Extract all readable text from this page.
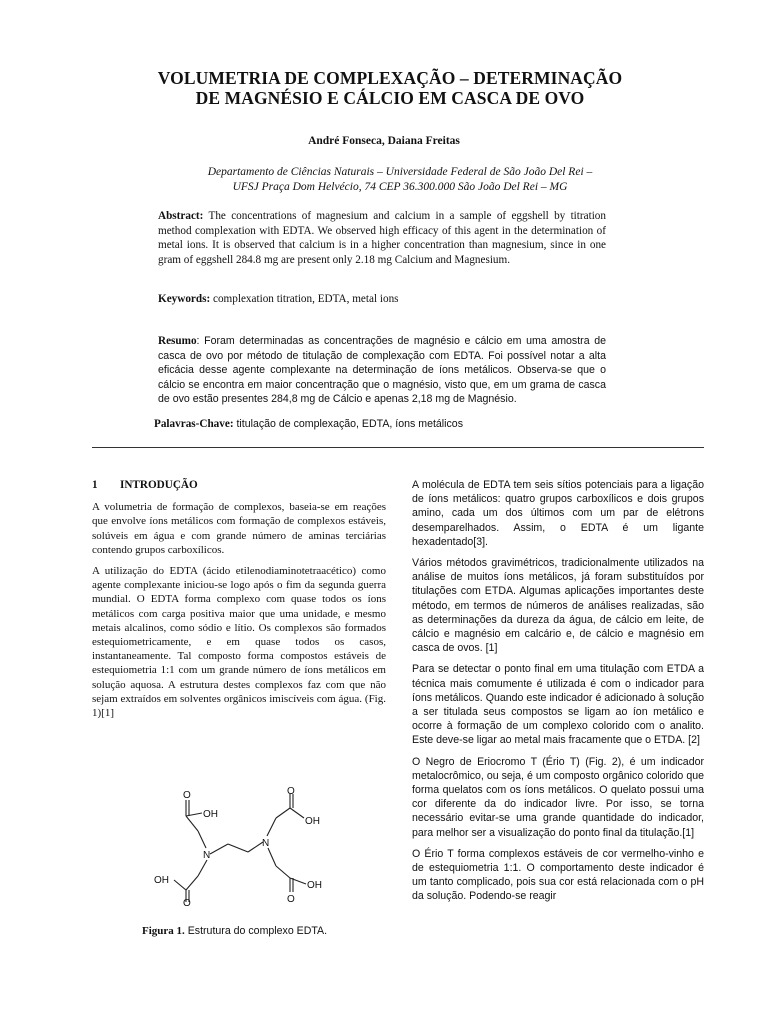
VOLUMETRIA DE COMPLEXAÇÃO – DETERMINAÇÃO
DE MAGNÉSIO E CÁLCIO EM CASCA DE OVO
André Fonseca, Daiana Freitas
Departamento de Ciências Naturais – Universidade Federal de São João Del Rei –
UFSJ Praça Dom Helvécio, 74 CEP 36.300.000 São João Del Rei – MG
Abstract: The concentrations of magnesium and calcium in a sample of eggshell by titration method complexation with EDTA. We observed high efficacy of this agent in the determination of metal ions. It is observed that calcium is in a higher concentration than magnesium, since in one gram of eggshell 284.8 mg are present only 2.18 mg Calcium and Magnesium.
Keywords: complexation titration, EDTA, metal ions
Resumo: Foram determinadas as concentrações de magnésio e cálcio em uma amostra de casca de ovo por método de titulação de complexação com EDTA. Foi possível notar a alta eficácia desse agente complexante na determinação de íons metálicos. Observa-se que o cálcio se encontra em maior concentração que o magnésio, visto que, em um grama de casca de ovo estão presentes 284,8 mg de Cálcio e apenas 2,18 mg de Magnésio.
Palavras-Chave: titulação de complexação, EDTA, íons metálicos
1 INTRODUÇÃO

A volumetria de formação de complexos, baseia-se em reações que envolve íons metálicos com formação de complexos estáveis, solúveis em água e com grande número de aminas terciárias contendo grupos carboxílicos.

A utilização do EDTA (ácido etilenodiaminotetraacético) como agente complexante iniciou-se logo após o fim da segunda guerra mundial. O EDTA forma complexo com quase todos os íons metálicos com carga positiva maior que uma unidade, e mesmo metais alcalinos, como sódio e lítio. Os complexos são formados estequiometricamente, e em quase todos os casos, instantaneamente. Tal composto forma compostos estáveis de estequiometria 1:1 com um grande número de íons metálicos em solução aquosa. A estrutura destes complexos faz com que não sejam extraídos em solventes orgânicos imiscíveis com água. (Fig. 1)[1]

OH
O
N
OH
O
N
O
OH
O
OH
Figura 1. Estrutura do complexo EDTA.

A molécula de EDTA tem seis sítios potenciais para a ligação de íons metálicos: quatro grupos carboxílicos e dois grupos amino, cada um dos últimos com um par de elétrons desemparelhados. Assim, o EDTA é um ligante hexadentado[3].

Vários métodos gravimétricos, tradicionalmente utilizados na análise de muitos íons metálicos, já foram substituídos por titulações com ETDA. Algumas aplicações importantes deste método, em termos de números de análises realizadas, são as determinações da dureza da água, de cálcio em leite, de cálcio e magnésio em calcário e, de cálcio e magnésio em casca de ovos. [1]

Para se detectar o ponto final em uma titulação com ETDA a técnica mais comumente é utilizada é com o indicador para íons metálicos. Quando este indicador é adicionado à solução a ser titulada seus compostos se ligam ao íon metálico e ocorre à formação de um complexo colorido com o analito. Este deve-se ligar ao metal mais fracamente que o ETDA. [2]

O Negro de Eriocromo T (Ério T) (Fig. 2), é um indicador metalocrômico, ou seja, é um composto orgânico colorido que forma quelatos com os íons metálicos. O quelato possui uma cor diferente da do indicador livre. Por isso, se torna necessário evitar-se uma grande quantidade do indicador, para melhor ser a visualização do ponto final da titulação.[1]

O Ério T forma complexos estáveis de cor vermelho-vinho e de estequiometria 1:1. O comportamento deste indicador é um tanto complicado, pois sua cor está relacionada com o pH da solução. Podendo-se reagir
